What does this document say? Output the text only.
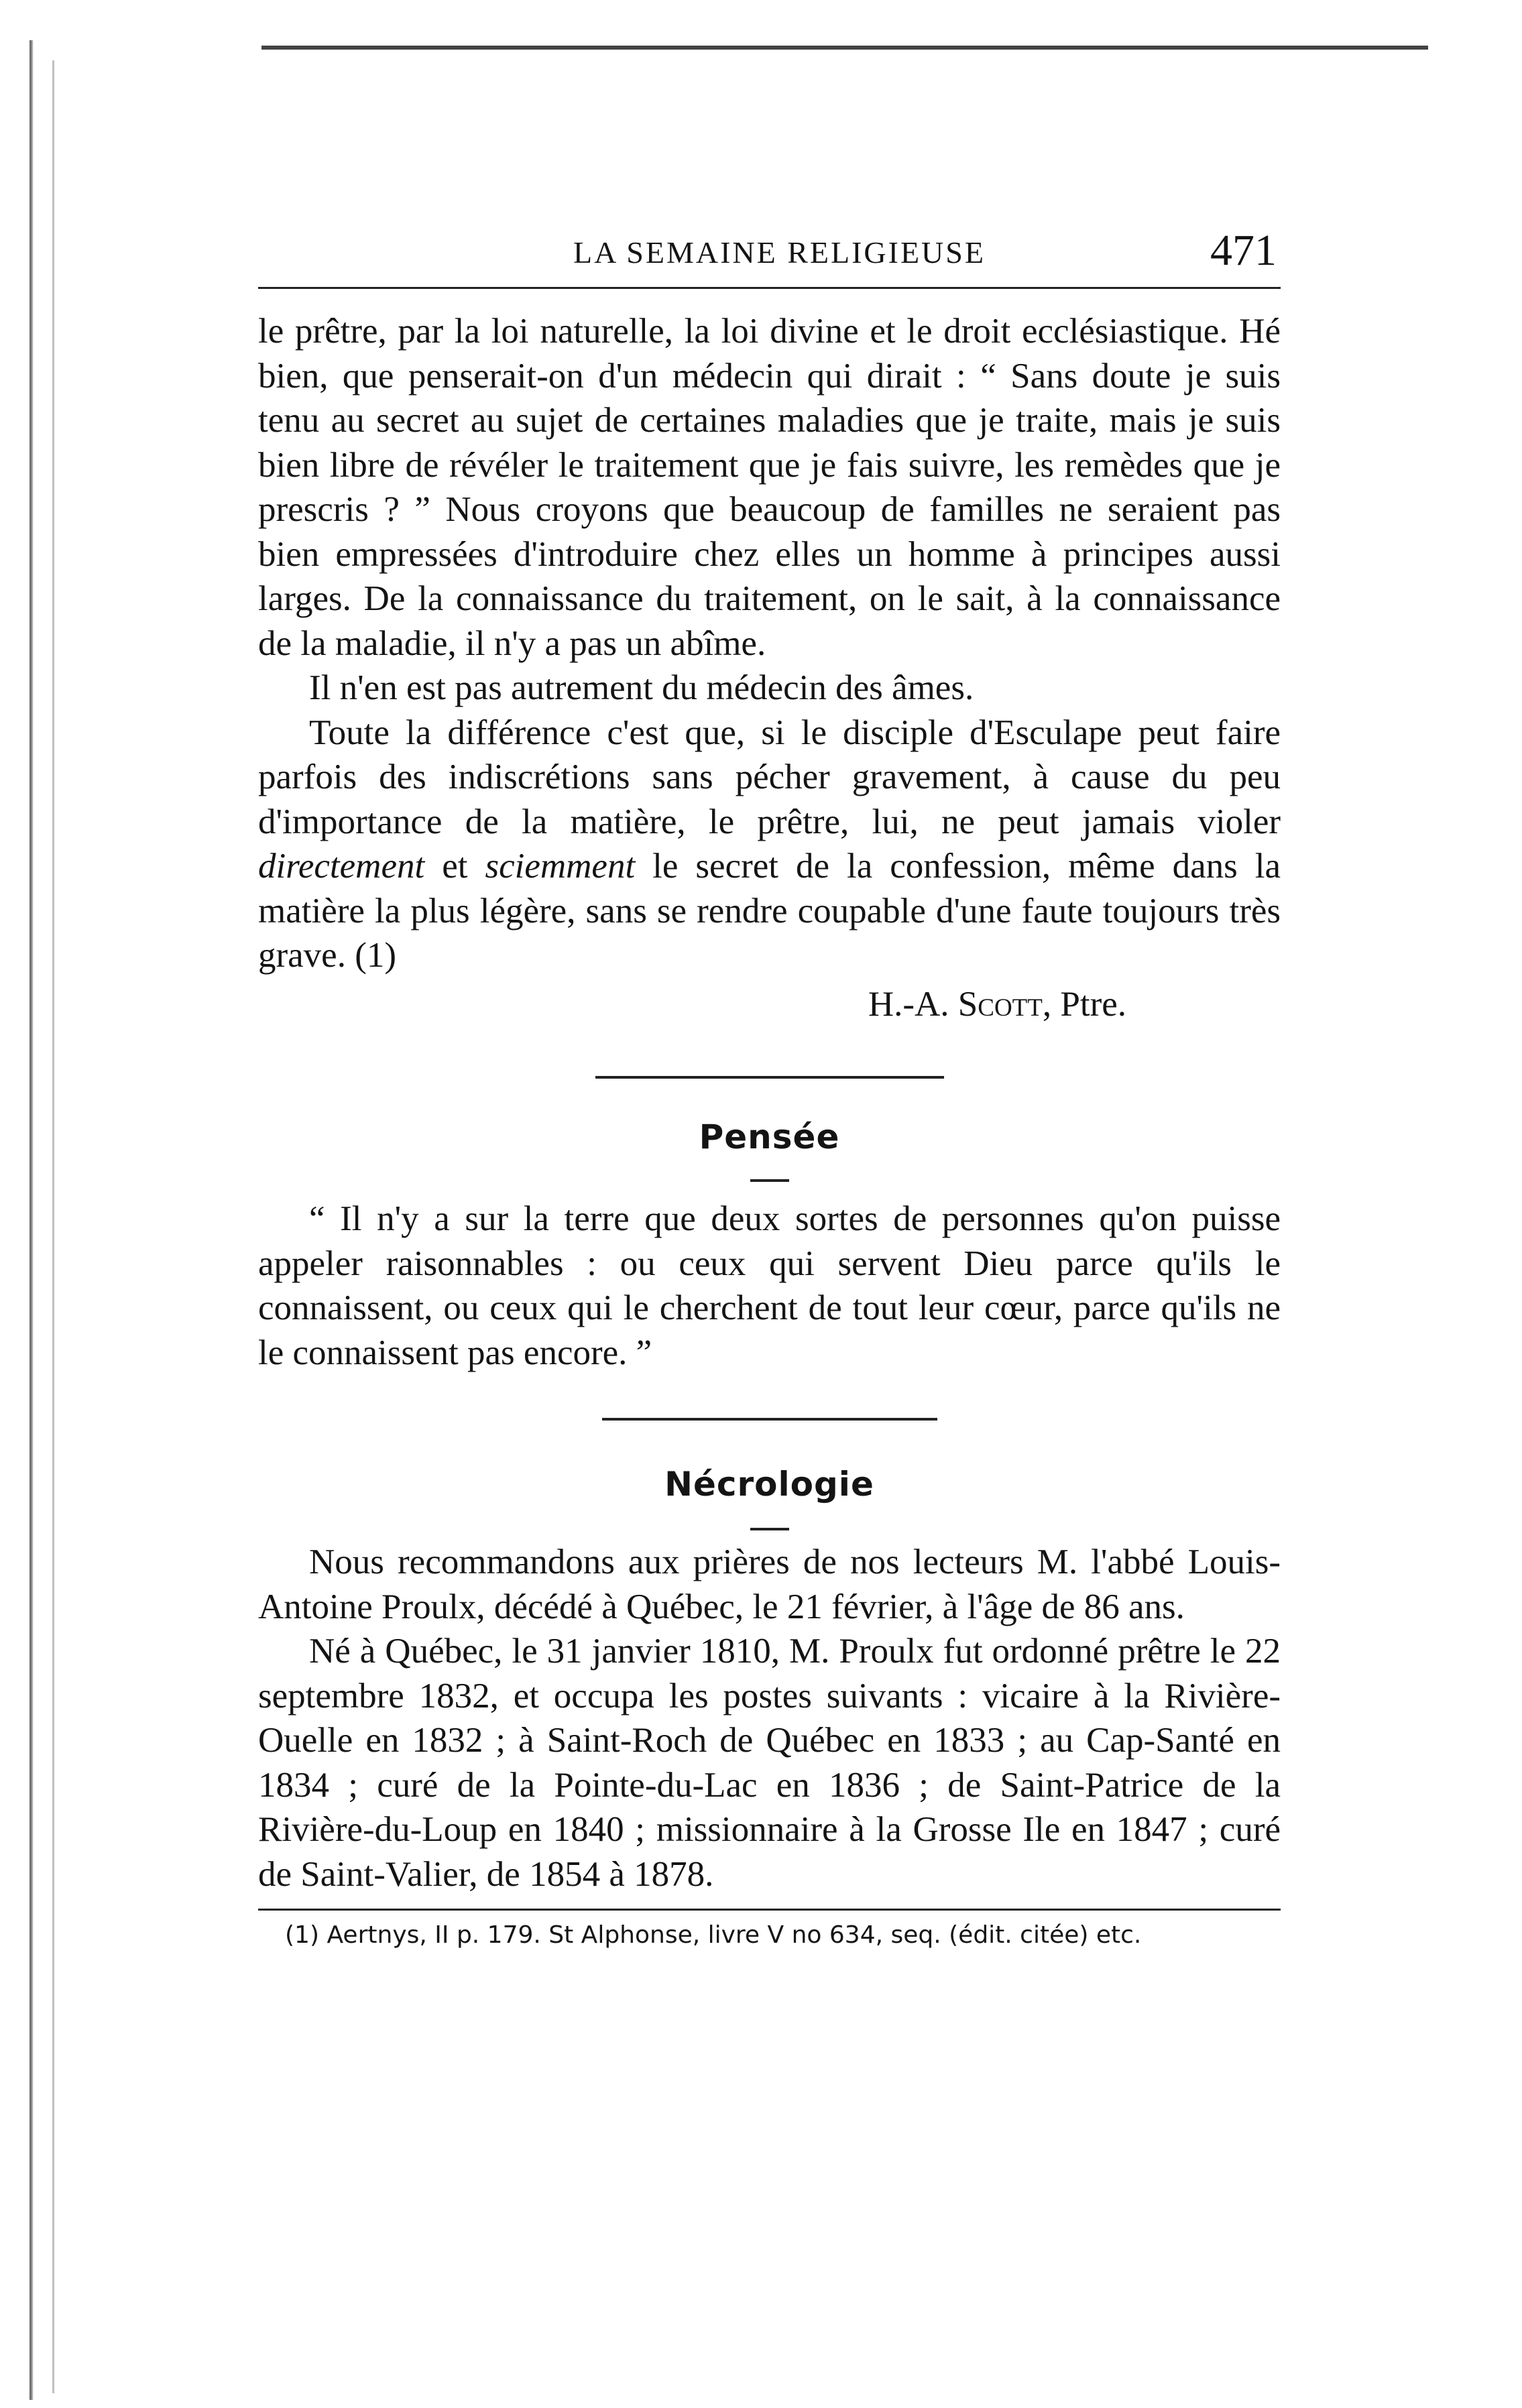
LA SEMAINE RELIGIEUSE	471

le prêtre, par la loi naturelle, la loi divine et le droit ecclésiastique. Hé bien, que penserait-on d'un médecin qui dirait : “ Sans doute je suis tenu au secret au sujet de certaines maladies que je traite, mais je suis bien libre de révéler le traitement que je fais suivre, les remèdes que je prescris ? ” Nous croyons que beaucoup de familles ne seraient pas bien empressées d'introduire chez elles un homme à principes aussi larges. De la connaissance du traitement, on le sait, à la connaissance de la maladie, il n'y a pas un abîme.

Il n'en est pas autrement du médecin des âmes.

Toute la différence c'est que, si le disciple d'Esculape peut faire parfois des indiscrétions sans pécher gravement, à cause du peu d'importance de la matière, le prêtre, lui, ne peut jamais violer directement et sciemment le secret de la confession, même dans la matière la plus légère, sans se rendre coupable d'une faute toujours très grave. (1)

H.-A. Scott, Ptre.

Pensée

“ Il n'y a sur la terre que deux sortes de personnes qu'on puisse appeler raisonnables : ou ceux qui servent Dieu parce qu'ils le connaissent, ou ceux qui le cherchent de tout leur cœur, parce qu'ils ne le connaissent pas encore. ”

Nécrologie

Nous recommandons aux prières de nos lecteurs M. l'abbé Louis-Antoine Proulx, décédé à Québec, le 21 février, à l'âge de 86 ans.

Né à Québec, le 31 janvier 1810, M. Proulx fut ordonné prêtre le 22 septembre 1832, et occupa les postes suivants : vicaire à la Rivière-Ouelle en 1832 ; à Saint-Roch de Québec en 1833 ; au Cap-Santé en 1834 ; curé de la Pointe-du-Lac en 1836 ; de Saint-Patrice de la Rivière-du-Loup en 1840 ; missionnaire à la Grosse Ile en 1847 ; curé de Saint-Valier, de 1854 à 1878.

(1) Aertnys, II p. 179. St Alphonse, livre V no 634, seq. (édit. citée) etc.
